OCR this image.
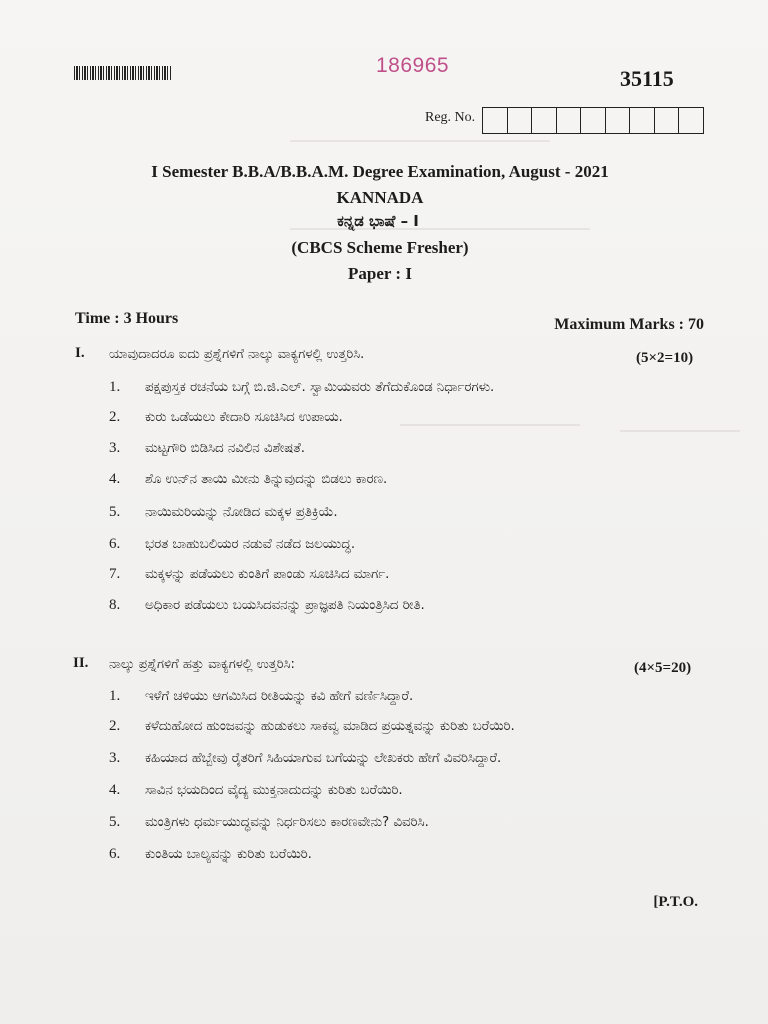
186965
35115
Reg. No.
I Semester B.B.A/B.B.A.M. Degree Examination, August - 2021
KANNADA
ಕನ್ನಡ ಭಾಷೆ – I
(CBCS Scheme Fresher)
Paper : I
Time : 3 Hours	Maximum Marks : 70
I. ಯಾವುದಾದರೂ ಐದು ಪ್ರಶ್ನೆಗಳಿಗೆ ನಾಲ್ಕು ವಾಕ್ಯಗಳಲ್ಲಿ ಉತ್ತರಿಸಿ.	(5×2=10)
1.	ಪಕ್ಷಪುಸ್ತಕ ರಚನೆಯ ಬಗ್ಗೆ ಬಿ.ಜಿ.ಎಲ್. ಸ್ವಾಮಿಯವರು ತೆಗೆದುಕೊಂಡ ನಿರ್ಧಾರಗಳು.
2.	ಕುರು ಒಡೆಯಲು ಕೇದಾರಿ ಸೂಚಿಸಿದ ಉಪಾಯ.
3.	ಮಟ್ಟಗೌರಿ ಬಿಡಿಸಿದ ನವಿಲಿನ ವಿಶೇಷತೆ.
4.	ಶೊ ಉನ್‌ನ ತಾಯಿ ಮೀನು ತಿನ್ನುವುದನ್ನು ಬಿಡಲು ಕಾರಣ.
5.	ನಾಯಿಮರಿಯನ್ನು ನೋಡಿದ ಮಕ್ಕಳ ಪ್ರತಿಕ್ರಿಯೆ.
6.	ಭರತ ಬಾಹುಬಲಿಯರ ನಡುವೆ ನಡೆದ ಜಲಯುದ್ಧ.
7.	ಮಕ್ಕಳನ್ನು ಪಡೆಯಲು ಕುಂತಿಗೆ ಪಾಂಡು ಸೂಚಿಸಿದ ಮಾರ್ಗ.
8.	ಅಧಿಕಾರ ಪಡೆಯಲು ಬಯಸಿದವನನ್ನು ಪ್ರಾಜ್ಞಪತಿ ನಿಯಂತ್ರಿಸಿದ ರೀತಿ.
II. ನಾಲ್ಕು ಪ್ರಶ್ನೆಗಳಿಗೆ ಹತ್ತು ವಾಕ್ಯಗಳಲ್ಲಿ ಉತ್ತರಿಸಿ:	(4×5=20)
1.	ಇಳೆಗೆ ಚಳಿಯು ಆಗಮಿಸಿದ ರೀತಿಯನ್ನು ಕವಿ ಹೇಗೆ ವರ್ಣಿಸಿದ್ದಾರೆ.
2.	ಕಳೆದುಹೋದ ಹುಂಜವನ್ನು ಹುಡುಕಲು ಸಾಕವ್ವ ಮಾಡಿದ ಪ್ರಯತ್ನವನ್ನು ಕುರಿತು ಬರೆಯಿರಿ.
3.	ಕಹಿಯಾದ ಹೆಬ್ಬೇವು ರೈತರಿಗೆ ಸಿಹಿಯಾಗುವ ಬಗೆಯನ್ನು ಲೇಖಕರು ಹೇಗೆ ವಿವರಿಸಿದ್ದಾರೆ.
4.	ಸಾವಿನ ಭಯದಿಂದ ವೈದ್ಯ ಮುಕ್ತನಾದುದನ್ನು ಕುರಿತು ಬರೆಯಿರಿ.
5.	ಮಂತ್ರಿಗಳು ಧರ್ಮಯುದ್ಧವನ್ನು ನಿರ್ಧರಿಸಲು ಕಾರಣವೇನು? ವಿವರಿಸಿ.
6.	ಕುಂತಿಯ ಬಾಲ್ಯವನ್ನು ಕುರಿತು ಬರೆಯಿರಿ.
[P.T.O.
